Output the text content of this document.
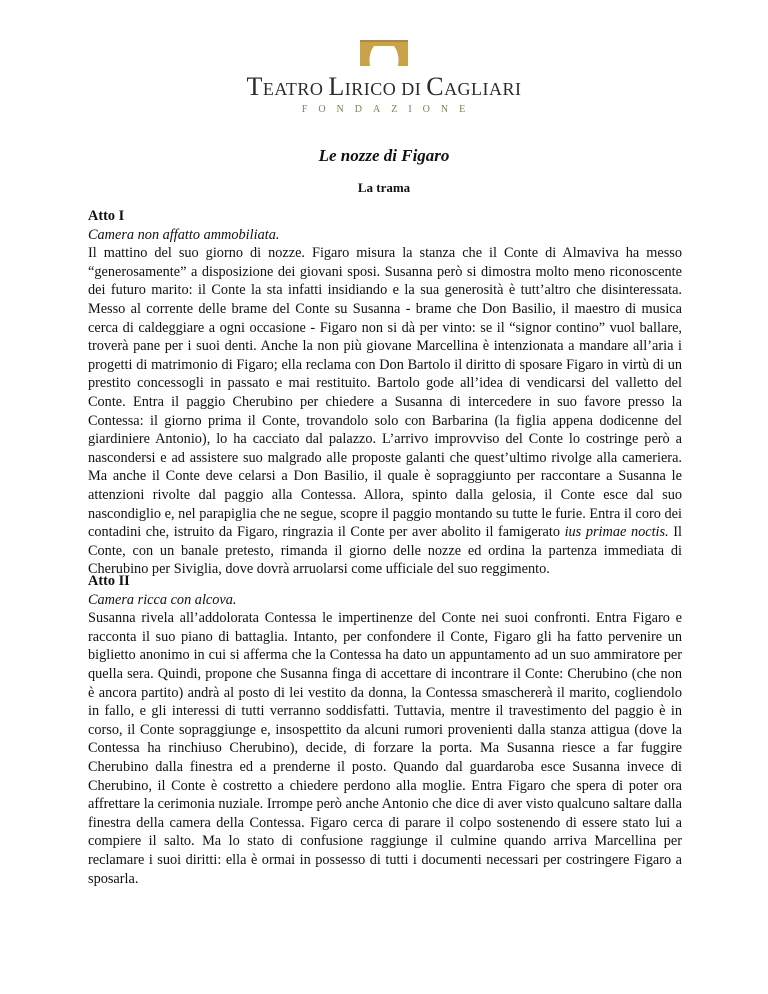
TEATRO LIRICO DI CAGLIARI
FONDAZIONE
Le nozze di Figaro
La trama
Atto I
Camera non affatto ammobiliata.
Il mattino del suo giorno di nozze. Figaro misura la stanza che il Conte di Almaviva ha messo “generosamente” a disposizione dei giovani sposi. Susanna però si dimostra molto meno riconoscente dei futuro marito: il Conte la sta infatti insidiando e la sua generosità è tutt’altro che disinteressata. Messo al corrente delle brame del Conte su Susanna - brame che Don Basilio, il maestro di musica cerca di caldeggiare a ogni occasione - Figaro non si dà per vinto: se il “signor contino” vuol ballare, troverà pane per i suoi denti. Anche la non più giovane Marcellina è intenzionata a mandare all’aria i progetti di matrimonio di Figaro; ella reclama con Don Bartolo il diritto di sposare Figaro in virtù di un prestito concessogli in passato e mai restituito. Bartolo gode all’idea di vendicarsi del valletto del Conte. Entra il paggio Cherubino per chiedere a Susanna di intercedere in suo favore presso la Contessa: il giorno prima il Conte, trovandolo solo con Barbarina (la figlia appena dodicenne del giardiniere Antonio), lo ha cacciato dal palazzo. L’arrivo improvviso del Conte lo costringe però a nascondersi e ad assistere suo malgrado alle proposte galanti che quest’ultimo rivolge alla cameriera. Ma anche il Conte deve celarsi a Don Basilio, il quale è sopraggiunto per raccontare a Susanna le attenzioni rivolte dal paggio alla Contessa. Allora, spinto dalla gelosia, il Conte esce dal suo nascondiglio e, nel parapiglia che ne segue, scopre il paggio montando su tutte le furie. Entra il coro dei contadini che, istruito da Figaro, ringrazia il Conte per aver abolito il famigerato ius primae noctis. Il Conte, con un banale pretesto, rimanda il giorno delle nozze ed ordina la partenza immediata di Cherubino per Siviglia, dove dovrà arruolarsi come ufficiale del suo reggimento.
Atto II
Camera ricca con alcova.
Susanna rivela all’addolorata Contessa le impertinenze del Conte nei suoi confronti. Entra Figaro e racconta il suo piano di battaglia. Intanto, per confondere il Conte, Figaro gli ha fatto pervenire un biglietto anonimo in cui si afferma che la Contessa ha dato un appuntamento ad un suo ammiratore per quella sera. Quindi, propone che Susanna finga di accettare di incontrare il Conte: Cherubino (che non è ancora partito) andrà al posto di lei vestito da donna, la Contessa smaschererà il marito, cogliendolo in fallo, e gli interessi di tutti verranno soddisfatti. Tuttavia, mentre il travestimento del paggio è in corso, il Conte sopraggiunge e, insospettito da alcuni rumori provenienti dalla stanza attigua (dove la Contessa ha rinchiuso Cherubino), decide, di forzare la porta. Ma Susanna riesce a far fuggire Cherubino dalla finestra ed a prenderne il posto. Quando dal guardaroba esce Susanna invece di Cherubino, il Conte è costretto a chiedere perdono alla moglie. Entra Figaro che spera di poter ora affrettare la cerimonia nuziale. Irrompe però anche Antonio che dice di aver visto qualcuno saltare dalla finestra della camera della Contessa. Figaro cerca di parare il colpo sostenendo di essere stato lui a compiere il salto. Ma lo stato di confusione raggiunge il culmine quando arriva Marcellina per reclamare i suoi diritti: ella è ormai in possesso di tutti i documenti necessari per costringere Figaro a sposarla.
